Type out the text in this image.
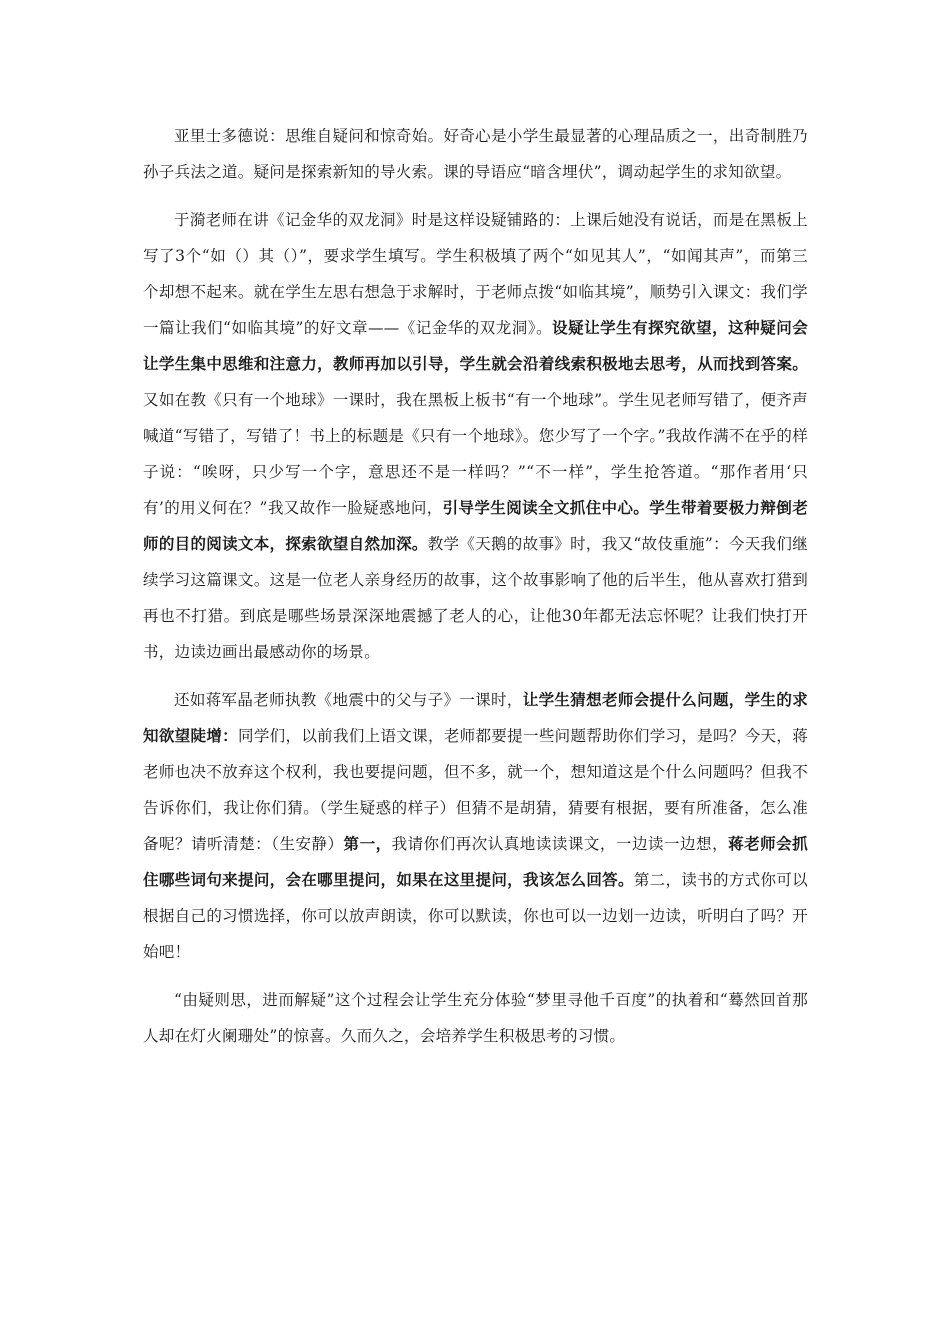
亚里士多德说：思维自疑问和惊奇始。好奇心是小学生最显著的心理品质之一，出奇制胜乃孙子兵法之道。疑问是探索新知的导火索。课的导语应“暗含埋伏”，调动起学生的求知欲望。

于漪老师在讲《记金华的双龙洞》时是这样设疑铺路的：上课后她没有说话，而是在黑板上写了3个“如（）其（）”，要求学生填写。学生积极填了两个“如见其人”，“如闻其声”，而第三个却想不起来。就在学生左思右想急于求解时，于老师点拨“如临其境”，顺势引入课文：我们学一篇让我们“如临其境”的好文章——《记金华的双龙洞》。设疑让学生有探究欲望，这种疑问会让学生集中思维和注意力，教师再加以引导，学生就会沿着线索积极地去思考，从而找到答案。又如在教《只有一个地球》一课时，我在黑板上板书“有一个地球”。学生见老师写错了，便齐声喊道“写错了，写错了！书上的标题是《只有一个地球》。您少写了一个字。”我故作满不在乎的样子说：“唉呀，只少写一个字，意思还不是一样吗？”“不一样”，学生抢答道。“那作者用‘只有’的用义何在？”我又故作一脸疑惑地问，引导学生阅读全文抓住中心。学生带着要极力辩倒老师的目的阅读文本，探索欲望自然加深。教学《天鹅的故事》时，我又“故伎重施”：今天我们继续学习这篇课文。这是一位老人亲身经历的故事，这个故事影响了他的后半生，他从喜欢打猎到再也不打猎。到底是哪些场景深深地震撼了老人的心，让他30年都无法忘怀呢？让我们快打开书，边读边画出最感动你的场景。

还如蒋军晶老师执教《地震中的父与子》一课时，让学生猜想老师会提什么问题，学生的求知欲望陡增：同学们，以前我们上语文课，老师都要提一些问题帮助你们学习，是吗？今天，蒋老师也决不放弃这个权利，我也要提问题，但不多，就一个，想知道这是个什么问题吗？但我不告诉你们，我让你们猜。（学生疑惑的样子）但猜不是胡猜，猜要有根据，要有所准备，怎么准备呢？请听清楚：（生安静）第一，我请你们再次认真地读读课文，一边读一边想，蒋老师会抓住哪些词句来提问，会在哪里提问，如果在这里提问，我该怎么回答。第二，读书的方式你可以根据自己的习惯选择，你可以放声朗读，你可以默读，你也可以一边划一边读，听明白了吗？开始吧！

“由疑则思，进而解疑”这个过程会让学生充分体验“梦里寻他千百度”的执着和“蓦然回首那人却在灯火阑珊处”的惊喜。久而久之，会培养学生积极思考的习惯。
